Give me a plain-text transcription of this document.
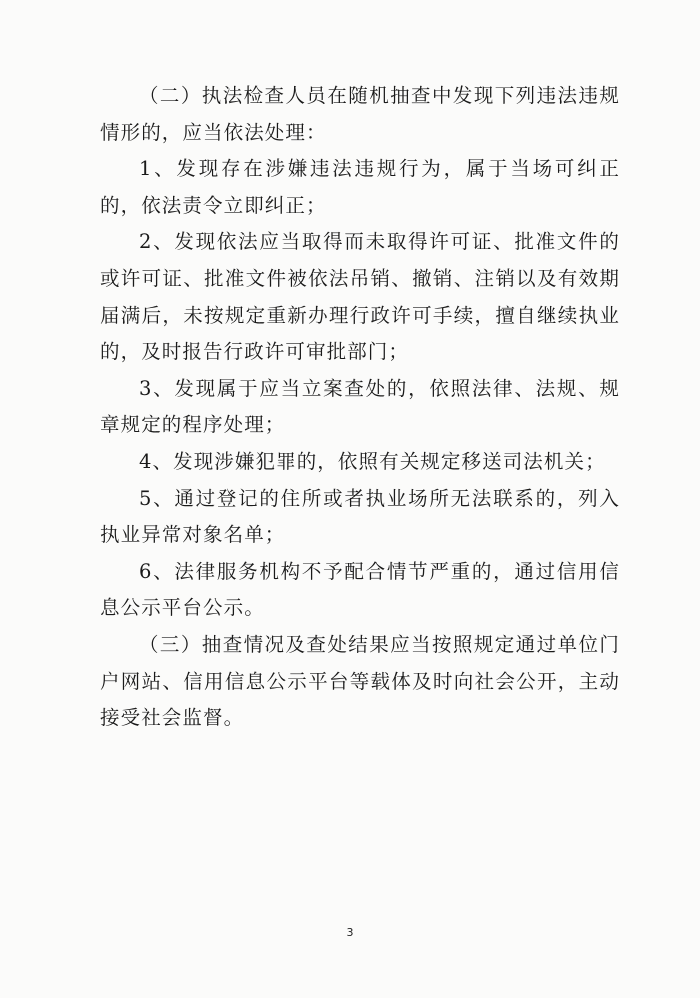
（二）执法检查人员在随机抽查中发现下列违法违规情形的，应当依法处理：

1、发现存在涉嫌违法违规行为，属于当场可纠正的，依法责令立即纠正；

2、发现依法应当取得而未取得许可证、批准文件的或许可证、批准文件被依法吊销、撤销、注销以及有效期届满后，未按规定重新办理行政许可手续，擅自继续执业的，及时报告行政许可审批部门；

3、发现属于应当立案查处的，依照法律、法规、规章规定的程序处理；

4、发现涉嫌犯罪的，依照有关规定移送司法机关；

5、通过登记的住所或者执业场所无法联系的，列入执业异常对象名单；

6、法律服务机构不予配合情节严重的，通过信用信息公示平台公示。

（三）抽查情况及查处结果应当按照规定通过单位门户网站、信用信息公示平台等载体及时向社会公开，主动接受社会监督。

3
